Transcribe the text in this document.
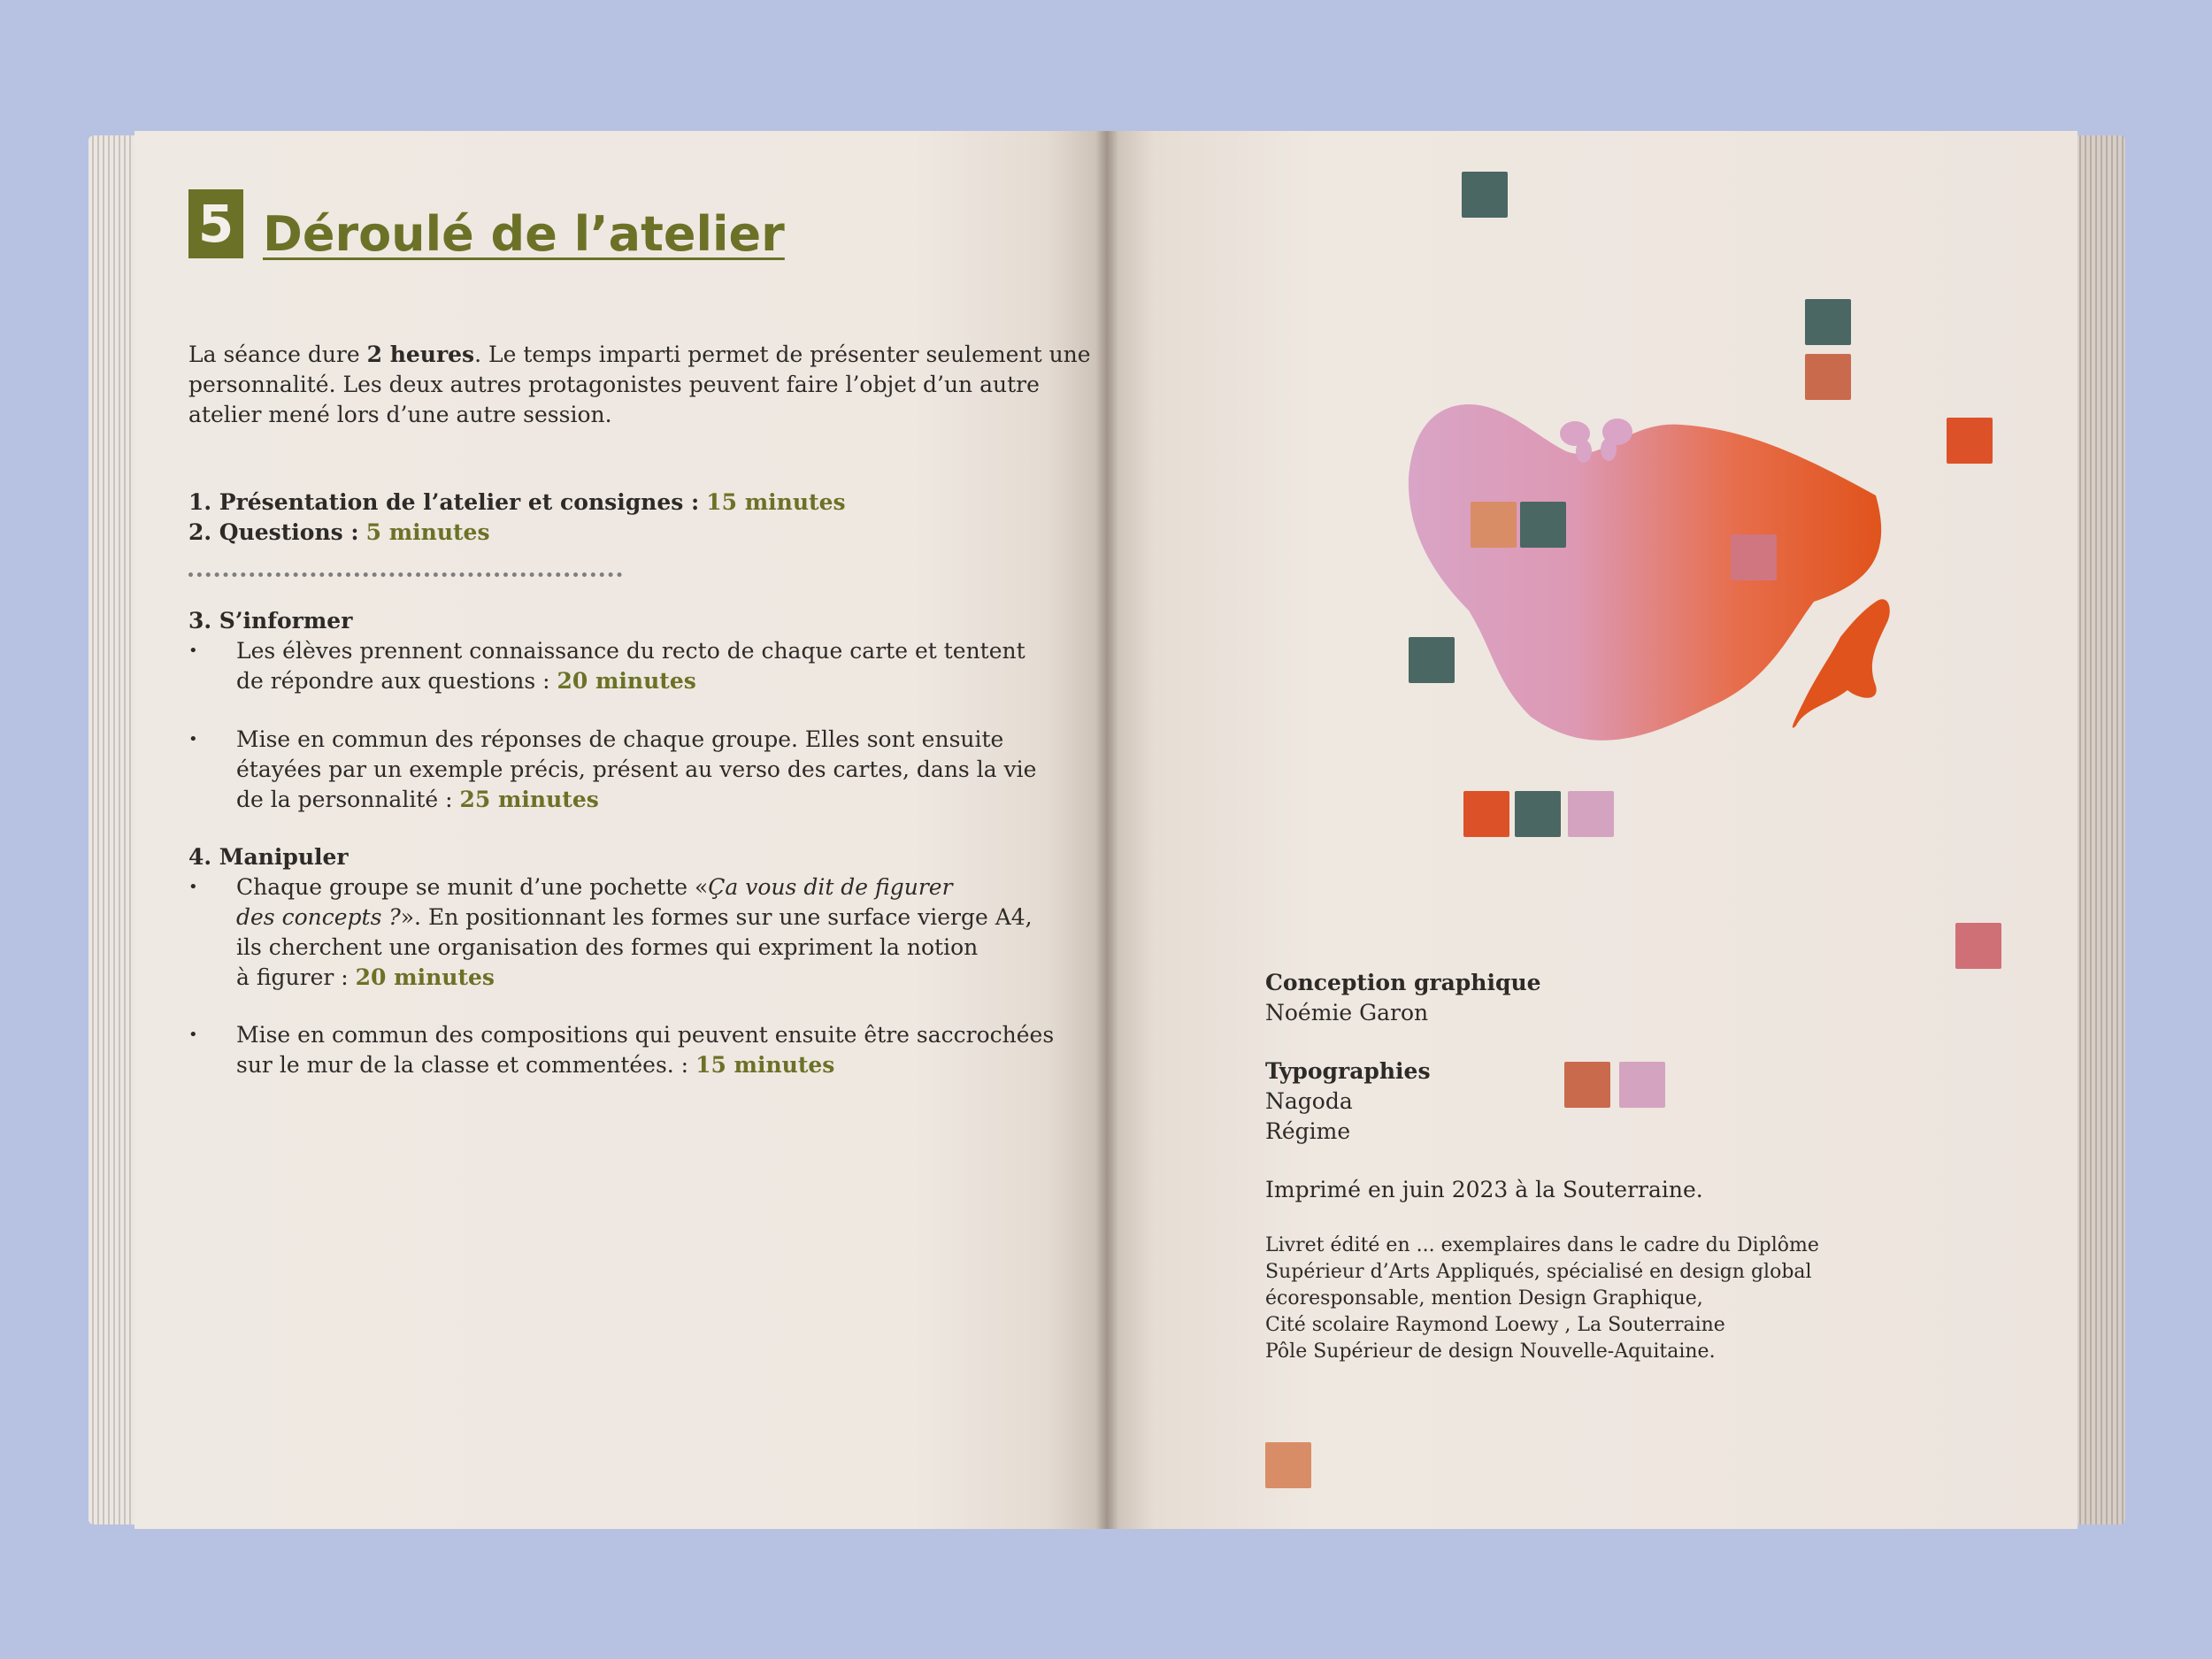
5 Déroulé de l’atelier
La séance dure 2 heures. Le temps imparti permet de présenter seulement une
personnalité. Les deux autres protagonistes peuvent faire l’objet d’un autre
atelier mené lors d’une autre session.
1. Présentation de l’atelier et consignes : 15 minutes
2. Questions : 5 minutes
3. S’informer
• Les élèves prennent connaissance du recto de chaque carte et tentent
de répondre aux questions : 20 minutes
• Mise en commun des réponses de chaque groupe. Elles sont ensuite
étayées par un exemple précis, présent au verso des cartes, dans la vie
de la personnalité : 25 minutes
4. Manipuler
• Chaque groupe se munit d’une pochette «Ça vous dit de figurer
des concepts ?». En positionnant les formes sur une surface vierge A4,
ils cherchent une organisation des formes qui expriment la notion
à figurer : 20 minutes
• Mise en commun des compositions qui peuvent ensuite être saccrochées
sur le mur de la classe et commentées. : 15 minutes
Conception graphique
Noémie Garon
Typographies
Nagoda
Régime
Imprimé en juin 2023 à la Souterraine.
Livret édité en ... exemplaires dans le cadre du Diplôme
Supérieur d’Arts Appliqués, spécialisé en design global
écoresponsable, mention Design Graphique,
Cité scolaire Raymond Loewy , La Souterraine
Pôle Supérieur de design Nouvelle-Aquitaine.
